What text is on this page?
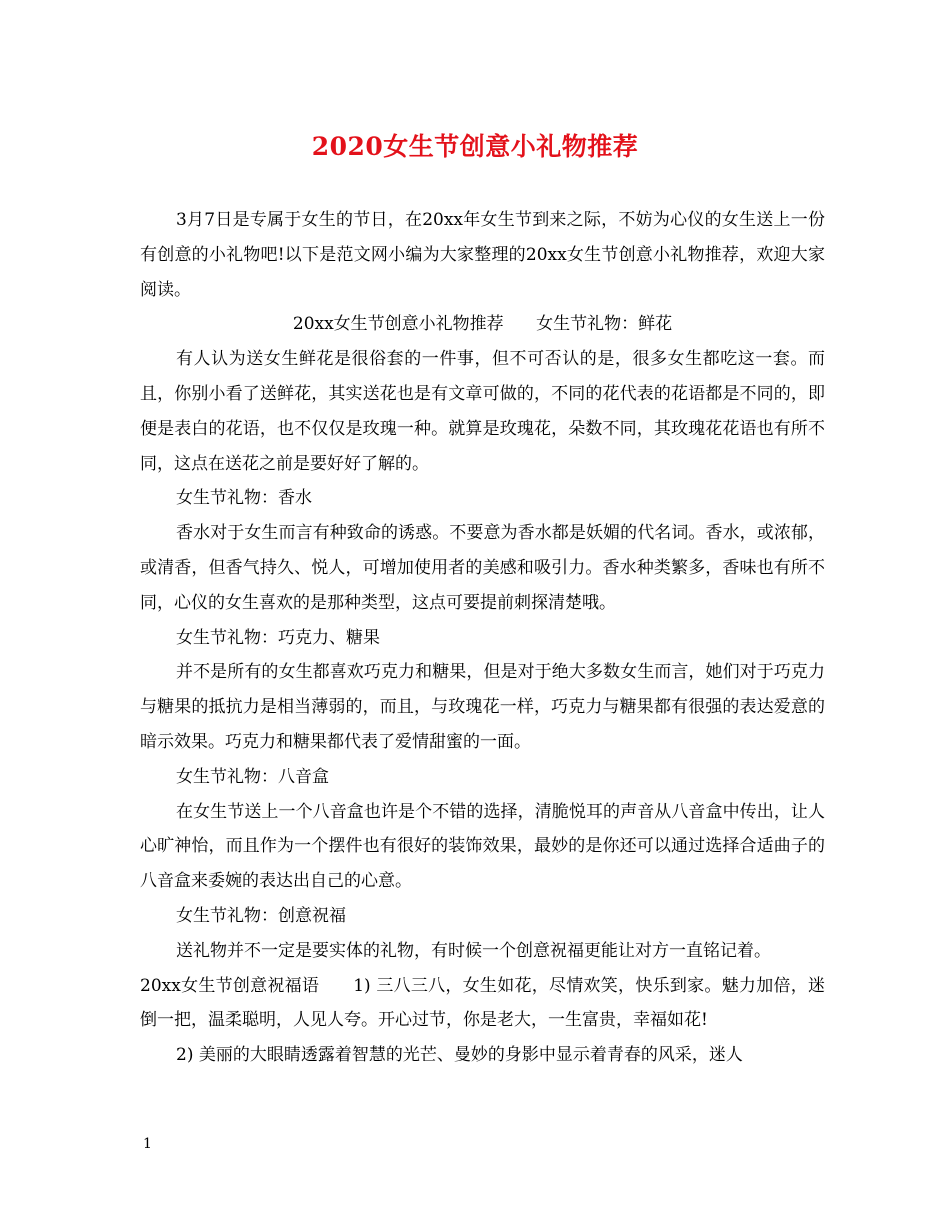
2020女生节创意小礼物推荐

3月7日是专属于女生的节日，在20xx年女生节到来之际，不妨为心仪的女生送上一份有创意的小礼物吧!以下是范文网小编为大家整理的20xx女生节创意小礼物推荐，欢迎大家阅读。

20xx女生节创意小礼物推荐      女生节礼物：鲜花

有人认为送女生鲜花是很俗套的一件事，但不可否认的是，很多女生都吃这一套。而且，你别小看了送鲜花，其实送花也是有文章可做的，不同的花代表的花语都是不同的，即便是表白的花语，也不仅仅是玫瑰一种。就算是玫瑰花，朵数不同，其玫瑰花花语也有所不同，这点在送花之前是要好好了解的。

女生节礼物：香水

香水对于女生而言有种致命的诱惑。不要意为香水都是妖媚的代名词。香水，或浓郁，或清香，但香气持久、悦人，可增加使用者的美感和吸引力。香水种类繁多，香味也有所不同，心仪的女生喜欢的是那种类型，这点可要提前刺探清楚哦。

女生节礼物：巧克力、糖果

并不是所有的女生都喜欢巧克力和糖果，但是对于绝大多数女生而言，她们对于巧克力与糖果的抵抗力是相当薄弱的，而且，与玫瑰花一样，巧克力与糖果都有很强的表达爱意的暗示效果。巧克力和糖果都代表了爱情甜蜜的一面。

女生节礼物：八音盒

在女生节送上一个八音盒也许是个不错的选择，清脆悦耳的声音从八音盒中传出，让人心旷神怡，而且作为一个摆件也有很好的装饰效果，最妙的是你还可以通过选择合适曲子的八音盒来委婉的表达出自己的心意。

女生节礼物：创意祝福

送礼物并不一定是要实体的礼物，有时候一个创意祝福更能让对方一直铭记着。

20xx女生节创意祝福语      1) 三八三八，女生如花，尽情欢笑，快乐到家。魅力加倍，迷倒一把，温柔聪明，人见人夸。开心过节，你是老大，一生富贵，幸福如花!

2) 美丽的大眼睛透露着智慧的光芒、曼妙的身影中显示着青春的风采，迷人

1
